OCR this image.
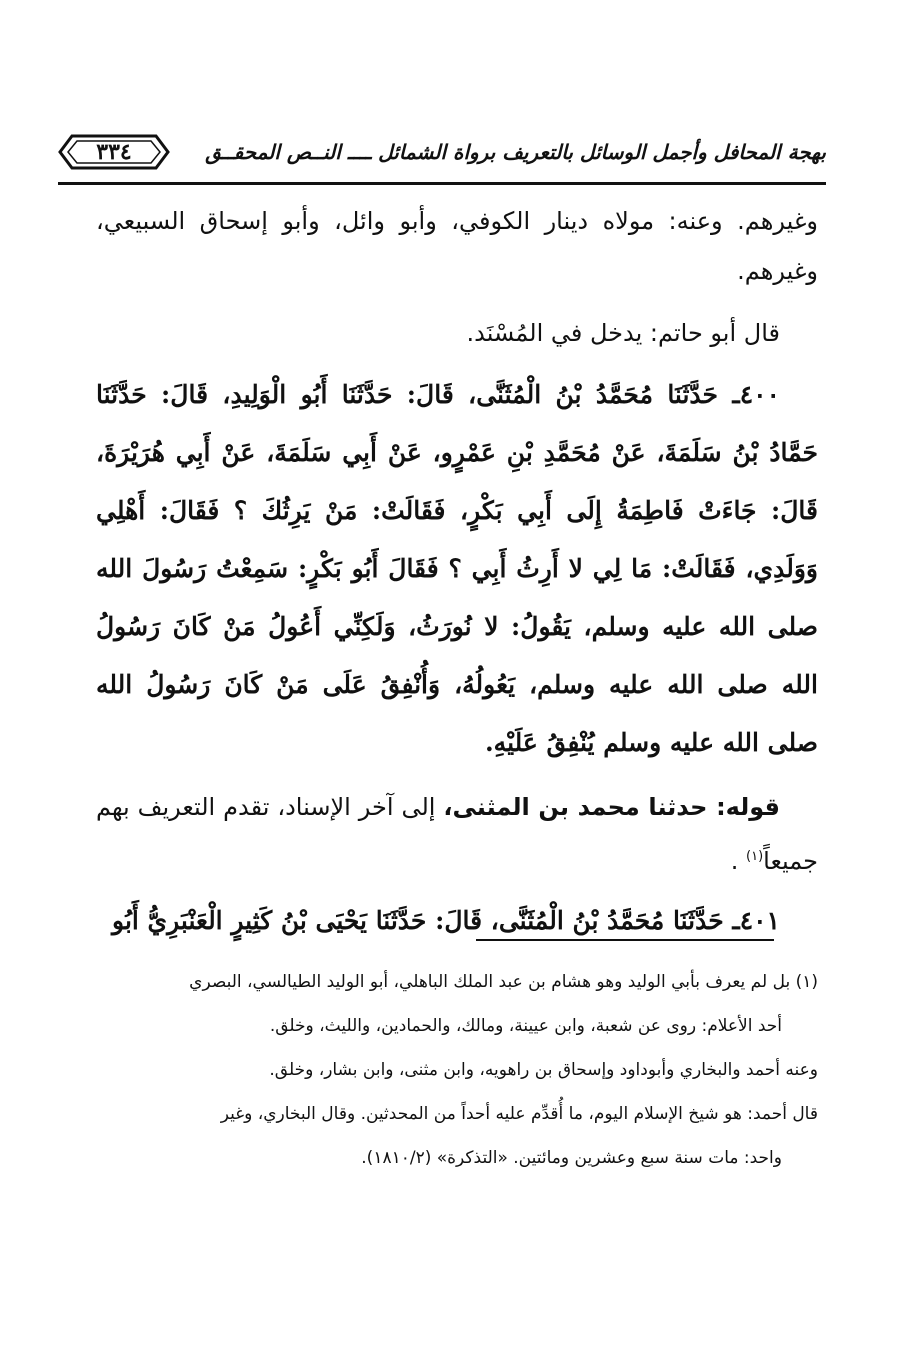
٣٣٤	بهجة المحافل وأجمل الوسائل بالتعريف برواة الشمائل ــــ النــص المحقــق

وغيرهم. وعنه: مولاه دينار الكوفي، وأبو وائل، وأبو إسحاق السبيعي، وغيرهم.

قال أبو حاتم: يدخل في المُسْنَد.

٤٠٠ـ حَدَّثَنَا مُحَمَّدُ بْنُ الْمُثَنَّى، قَالَ: حَدَّثَنَا أَبُو الْوَلِيدِ، قَالَ: حَدَّثَنَا حَمَّادُ بْنُ سَلَمَةَ، عَنْ مُحَمَّدِ بْنِ عَمْرٍو، عَنْ أَبِي سَلَمَةَ، عَنْ أَبِي هُرَيْرَةَ، قَالَ: جَاءَتْ فَاطِمَةُ إِلَى أَبِي بَكْرٍ، فَقَالَتْ: مَنْ يَرِثُكَ ؟ فَقَالَ: أَهْلِي وَوَلَدِي، فَقَالَتْ: مَا لِي لا أَرِثُ أَبِي ؟ فَقَالَ أَبُو بَكْرٍ: سَمِعْتُ رَسُولَ الله صلى الله عليه وسلم، يَقُولُ: لا نُورَثُ، وَلَكِنِّي أَعُولُ مَنْ كَانَ رَسُولُ الله صلى الله عليه وسلم، يَعُولُهُ، وَأُنْفِقُ عَلَى مَنْ كَانَ رَسُولُ الله صلى الله عليه وسلم يُنْفِقُ عَلَيْهِ.

قوله: حدثنا محمد بن المثنى، إلى آخر الإسناد، تقدم التعريف بهم جميعاً$^{(١)}$ .

٤٠١ـ حَدَّثَنَا مُحَمَّدُ بْنُ الْمُثَنَّى، قَالَ: حَدَّثَنَا يَحْيَى بْنُ كَثِيرٍ الْعَنْبَرِيُّ أَبُو

(١) بل لم يعرف بأبي الوليد وهو هشام بن عبد الملك الباهلي، أبو الوليد الطيالسي، البصري

أحد الأعلام: روى عن شعبة، وابن عيينة، ومالك، والحمادين، والليث، وخلق.

وعنه أحمد والبخاري وأبوداود وإسحاق بن راهويه، وابن مثنى، وابن بشار، وخلق.

قال أحمد: هو شيخ الإسلام اليوم، ما أُقدِّم عليه أحداً من المحدثين. وقال البخاري، وغير

واحد: مات سنة سبع وعشرين ومائتين. «التذكرة» (١٨١٠/٢).
